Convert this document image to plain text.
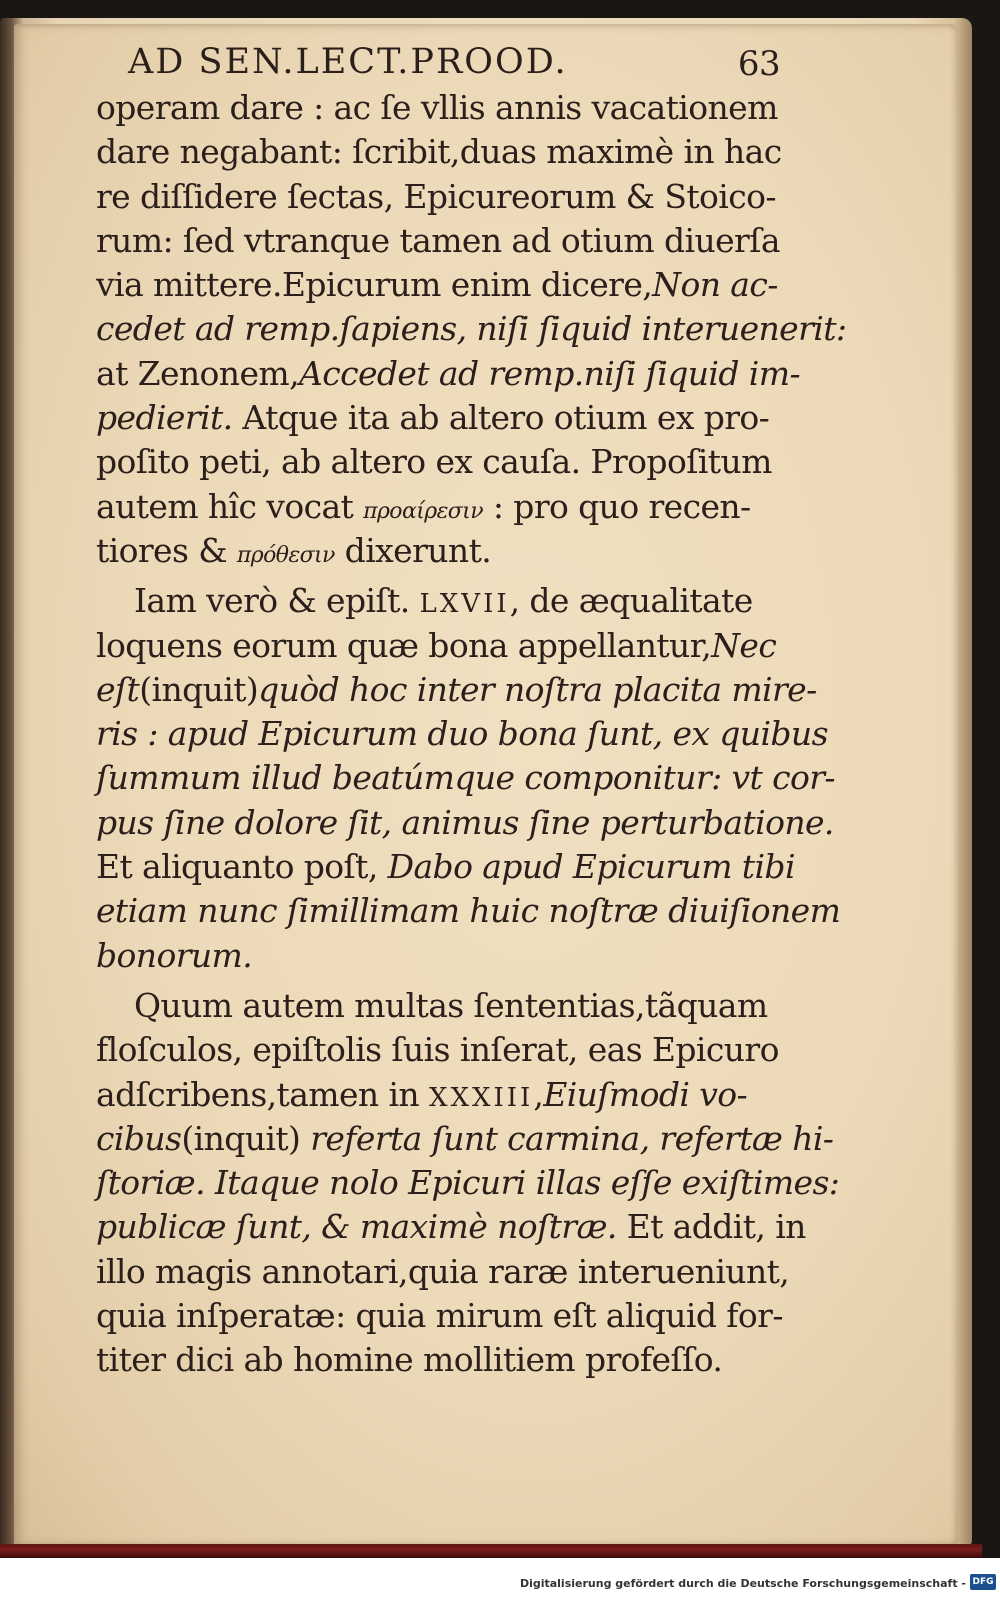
AD SEN.LECT.PROOD.	63
operam dare : ac ſe vllis annis vacationem
dare negabant: ſcribit,duas maximè in hac
re diſſidere ſectas, Epicureorum & Stoico-
rum: ſed vtranque tamen ad otium diuerſa
via mittere.Epicurum enim dicere,Non ac-
cedet ad remp.ſapiens, niſi ſiquid interuenerit:
at Zenonem,Accedet ad remp.niſi ſiquid im-
pedierit. Atque ita ab altero otium ex pro-
poſito peti, ab altero ex cauſa. Propoſitum
autem hîc vocat προαίρεσιν : pro quo recen-
tiores & πρόθεσιν dixerunt.
Iam verò & epiſt. LXVII, de æqualitate
loquens eorum quæ bona appellantur,Nec
eſt(inquit)quòd hoc inter noſtra placita mire-
ris : apud Epicurum duo bona ſunt, ex quibus
ſummum illud beatúmque componitur: vt cor-
pus ſine dolore ſit, animus ſine perturbatione.
Et aliquanto poſt, Dabo apud Epicurum tibi
etiam nunc ſimillimam huic noſtræ diuiſionem
bonorum.
Quum autem multas ſententias,tãquam
floſculos, epiſtolis ſuis inſerat, eas Epicuro
adſcribens,tamen in XXXIII,Eiuſmodi vo-
cibus(inquit) referta ſunt carmina, refertæ hi-
ſtoriæ. Itaque nolo Epicuri illas eſſe exiſtimes:
publicæ ſunt, & maximè noſtræ. Et addit, in
illo magis annotari,quia raræ interueniunt,
quia inſperatæ: quia mirum eſt aliquid for-
titer dici ab homine mollitiem profeſſo.
Digitalisierung gefördert durch die Deutsche Forschungsgemeinschaft - DFG
